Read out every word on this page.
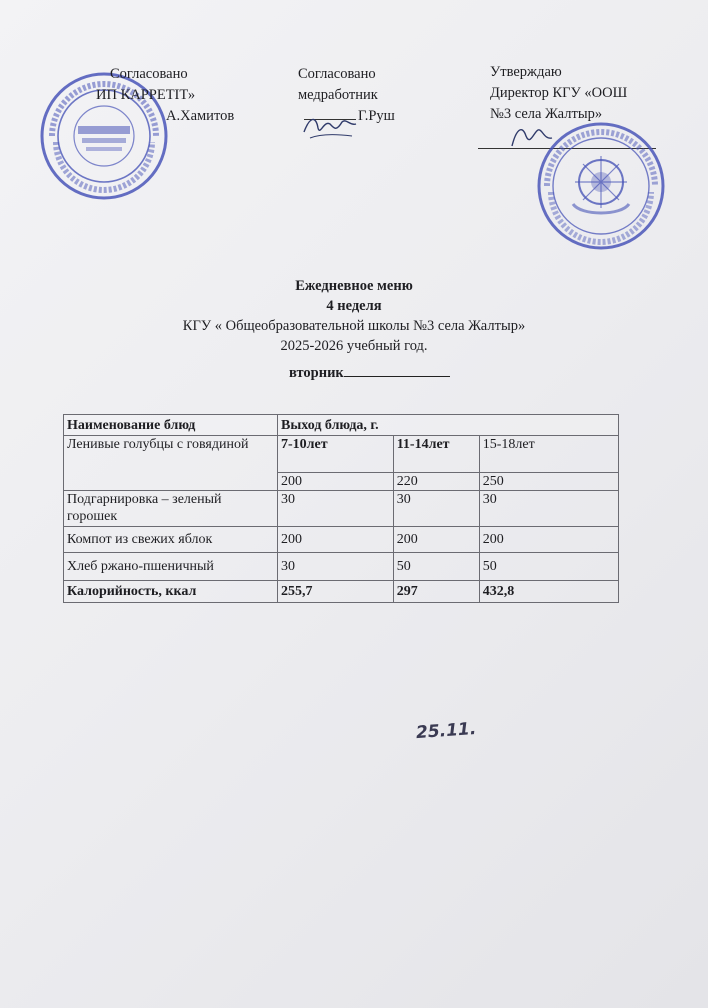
Согласовано
ИП КАРРЕТІТ»
А.Хамитов
Согласовано
медработник
Г.Руш
Утверждаю
Директор КГУ «ООШ
№3 села Жалтыр»
Ежедневное меню
4 неделя
КГУ « Общеобразовательной школы №3 села Жалтыр»
2025-2026 учебный год.
вторник
25.11.
Наименование блюд	Выход блюда, г.		
Ленивые голубцы с говядиной	7-10лет	11-14лет	15-18лет
	200	220	250
Подгарнировка – зеленый горошек	30	30	30
Компот из свежих яблок	200	200	200
Хлеб ржано-пшеничный	30	50	50
Калорийность, ккал	255,7	297	432,8
